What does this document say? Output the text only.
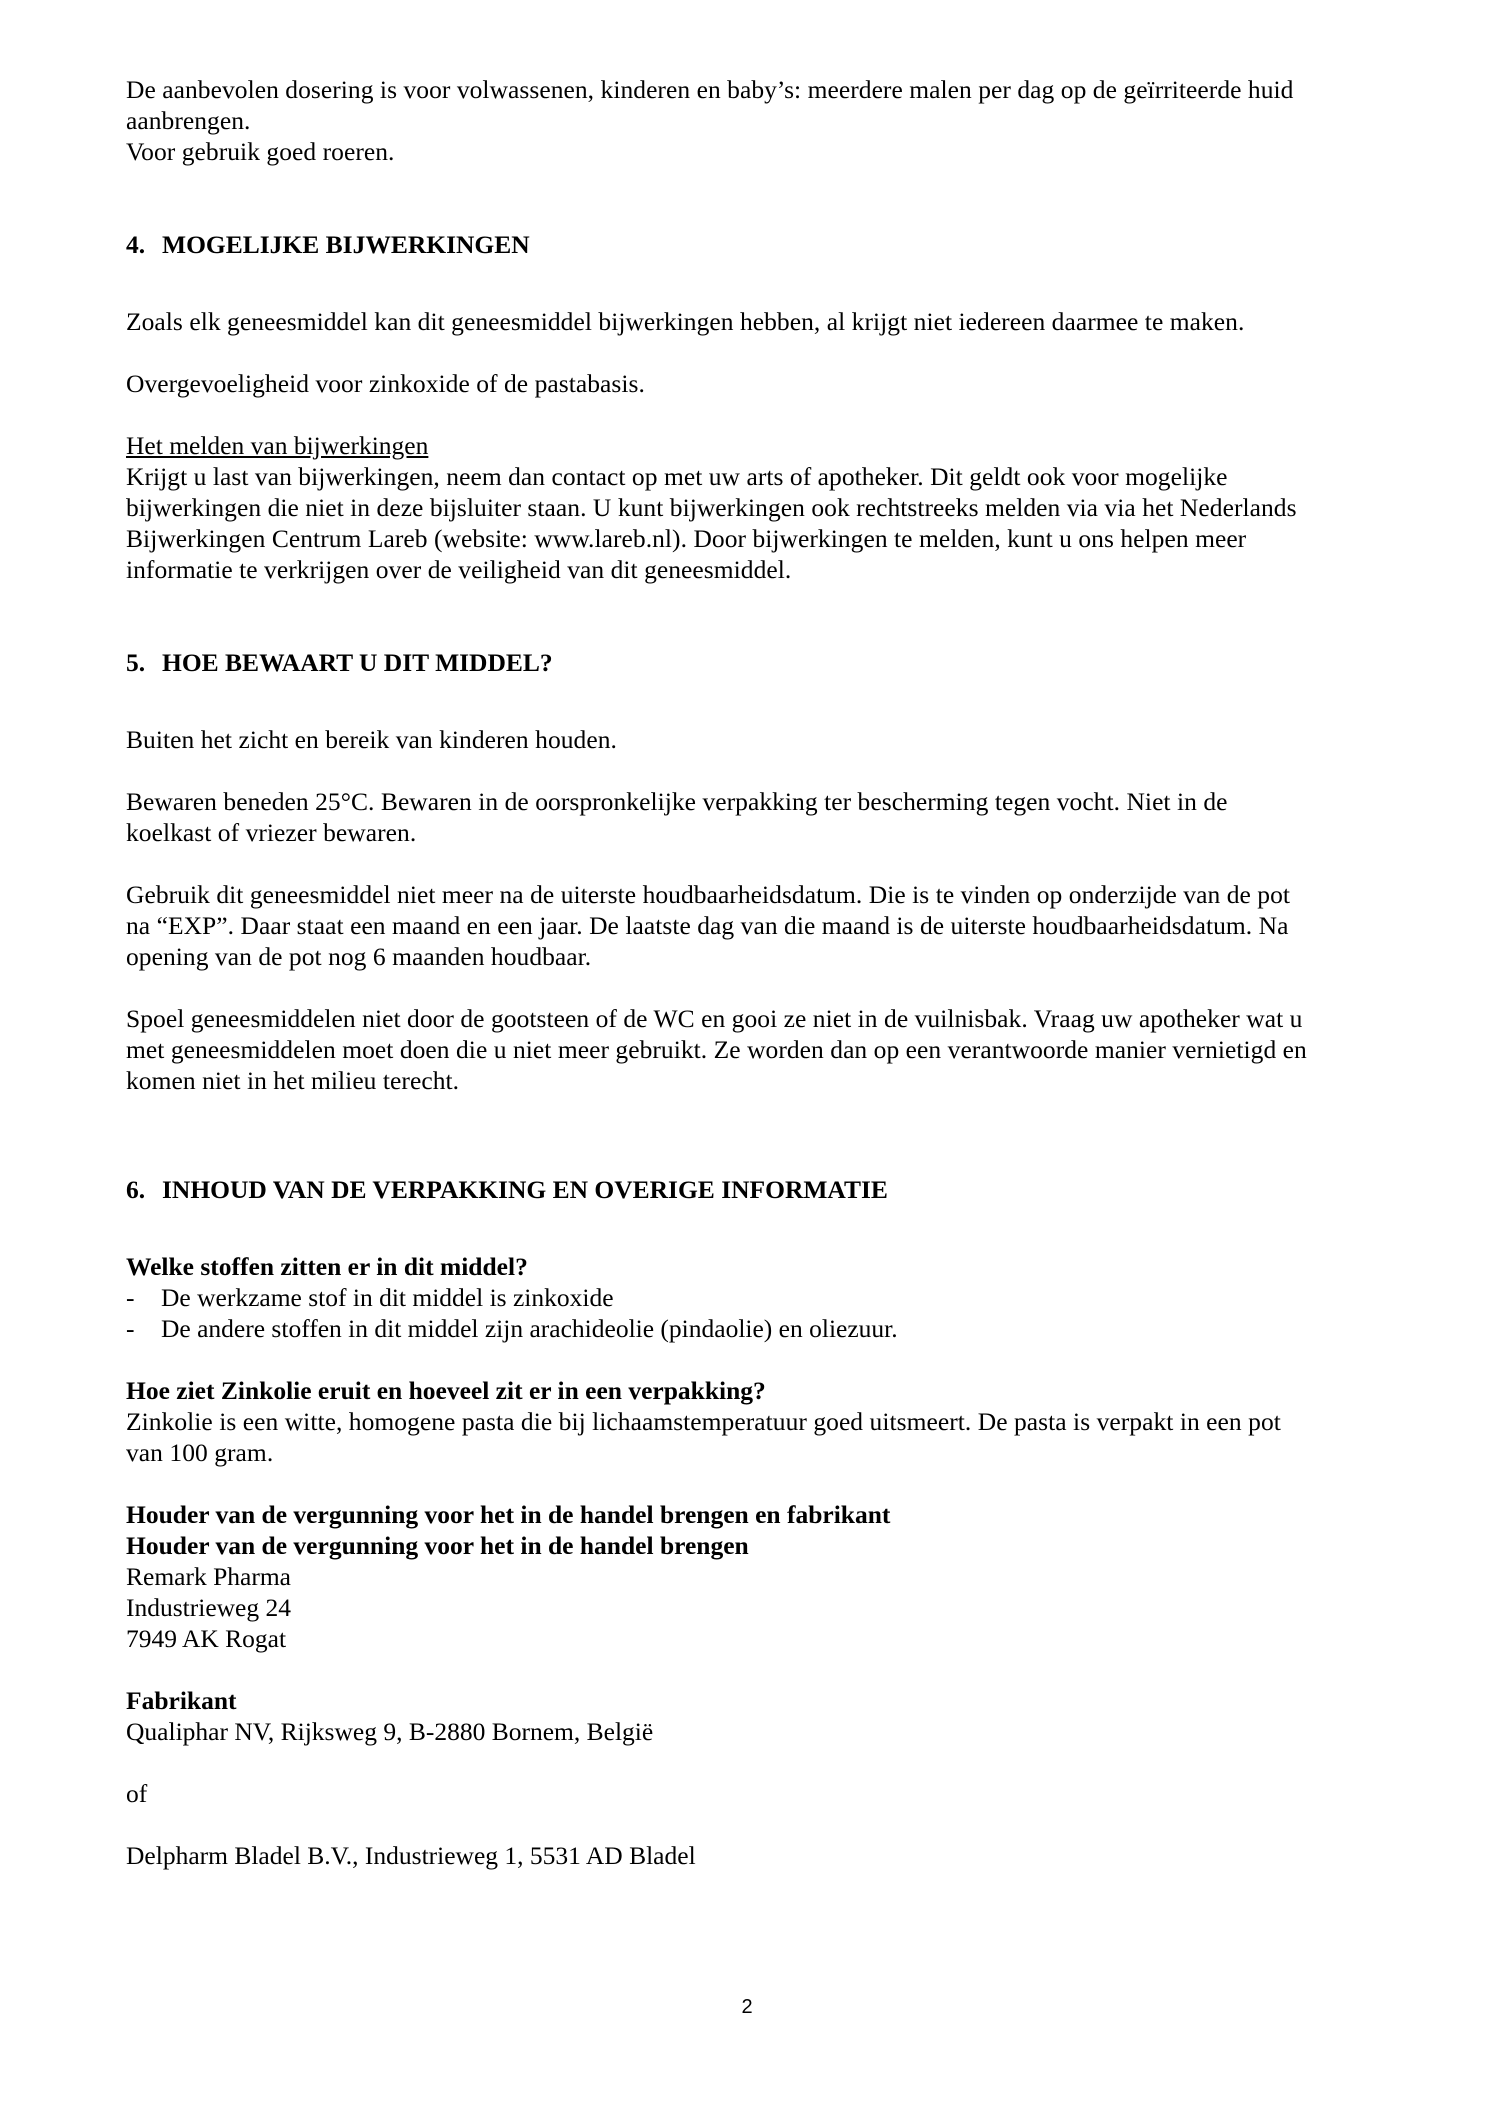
De aanbevolen dosering is voor volwassenen, kinderen en baby’s: meerdere malen per dag op de geïrriteerde huid aanbrengen.

Voor gebruik goed roeren.

4. MOGELIJKE BIJWERKINGEN

Zoals elk geneesmiddel kan dit geneesmiddel bijwerkingen hebben, al krijgt niet iedereen daarmee te maken.

Overgevoeligheid voor zinkoxide of de pastabasis.

Het melden van bijwerkingen

Krijgt u last van bijwerkingen, neem dan contact op met uw arts of apotheker. Dit geldt ook voor mogelijke bijwerkingen die niet in deze bijsluiter staan. U kunt bijwerkingen ook rechtstreeks melden via via het Nederlands Bijwerkingen Centrum Lareb (website: www.lareb.nl). Door bijwerkingen te melden, kunt u ons helpen meer informatie te verkrijgen over de veiligheid van dit geneesmiddel.

5. HOE BEWAART U DIT MIDDEL?

Buiten het zicht en bereik van kinderen houden.

Bewaren beneden 25°C. Bewaren in de oorspronkelijke verpakking ter bescherming tegen vocht. Niet in de koelkast of vriezer bewaren.

Gebruik dit geneesmiddel niet meer na de uiterste houdbaarheidsdatum. Die is te vinden op onderzijde van de pot na “EXP”. Daar staat een maand en een jaar. De laatste dag van die maand is de uiterste houdbaarheidsdatum. Na opening van de pot nog 6 maanden houdbaar.

Spoel geneesmiddelen niet door de gootsteen of de WC en gooi ze niet in de vuilnisbak. Vraag uw apotheker wat u met geneesmiddelen moet doen die u niet meer gebruikt. Ze worden dan op een verantwoorde manier vernietigd en komen niet in het milieu terecht.

6. INHOUD VAN DE VERPAKKING EN OVERIGE INFORMATIE

Welke stoffen zitten er in dit middel?

-	De werkzame stof in dit middel is zinkoxide
-	De andere stoffen in dit middel zijn arachideolie (pindaolie) en oliezuur.

Hoe ziet Zinkolie eruit en hoeveel zit er in een verpakking?

Zinkolie is een witte, homogene pasta die bij lichaamstemperatuur goed uitsmeert. De pasta is verpakt in een pot van 100 gram.

Houder van de vergunning voor het in de handel brengen en fabrikant

Houder van de vergunning voor het in de handel brengen

Remark Pharma

Industrieweg 24

7949 AK Rogat

Fabrikant

Qualiphar NV, Rijksweg 9, B-2880 Bornem, België

of

Delpharm Bladel B.V., Industrieweg 1, 5531 AD Bladel

2
